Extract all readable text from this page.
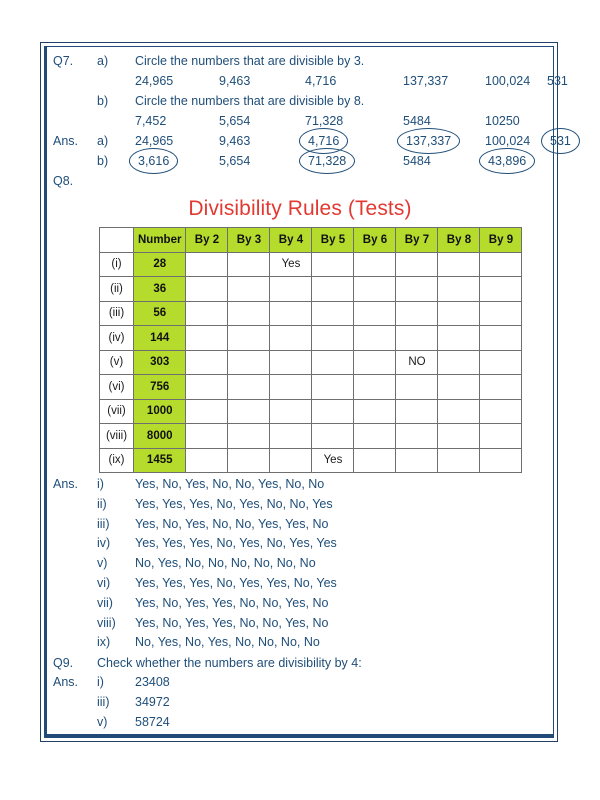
Q7.	a)	Circle the numbers that are divisible by 3.
24,965	9,463	4,716	137,337	100,024	531
b)	Circle the numbers that are divisible by 8.
7,452	5,654	71,328	5484	10250
Ans.	a)	24,965	9,463	4,716	137,337	100,024	531
b)	3,616	5,654	71,328	5484	43,896
Q8.
Divisibility Rules (Tests)
	Number	By 2	By 3	By 4	By 5	By 6	By 7	By 8	By 9
(i)	28			Yes					
(ii)	36								
(iii)	56								
(iv)	144								
(v)	303						NO		
(vi)	756								
(vii)	1000								
(viii)	8000								
(ix)	1455				Yes				
Ans.	i)	Yes, No, Yes, No, No, Yes, No, No
ii)	Yes, Yes, Yes, No, Yes, No, No, Yes
iii)	Yes, No, Yes, No, No, Yes, Yes, No
iv)	Yes, Yes, Yes, No, Yes, No, Yes, Yes
v)	No, Yes, No, No, No, No, No, No
vi)	Yes, Yes, Yes, No, Yes, Yes, No, Yes
vii)	Yes, No, Yes, Yes, No, No, Yes, No
viii)	Yes, No, Yes, Yes, No, No, Yes, No
ix)	No, Yes, No, Yes, No, No, No, No
Q9.	Check whether the numbers are divisibility by 4:
Ans.	i)	23408
iii)	34972
v)	58724
